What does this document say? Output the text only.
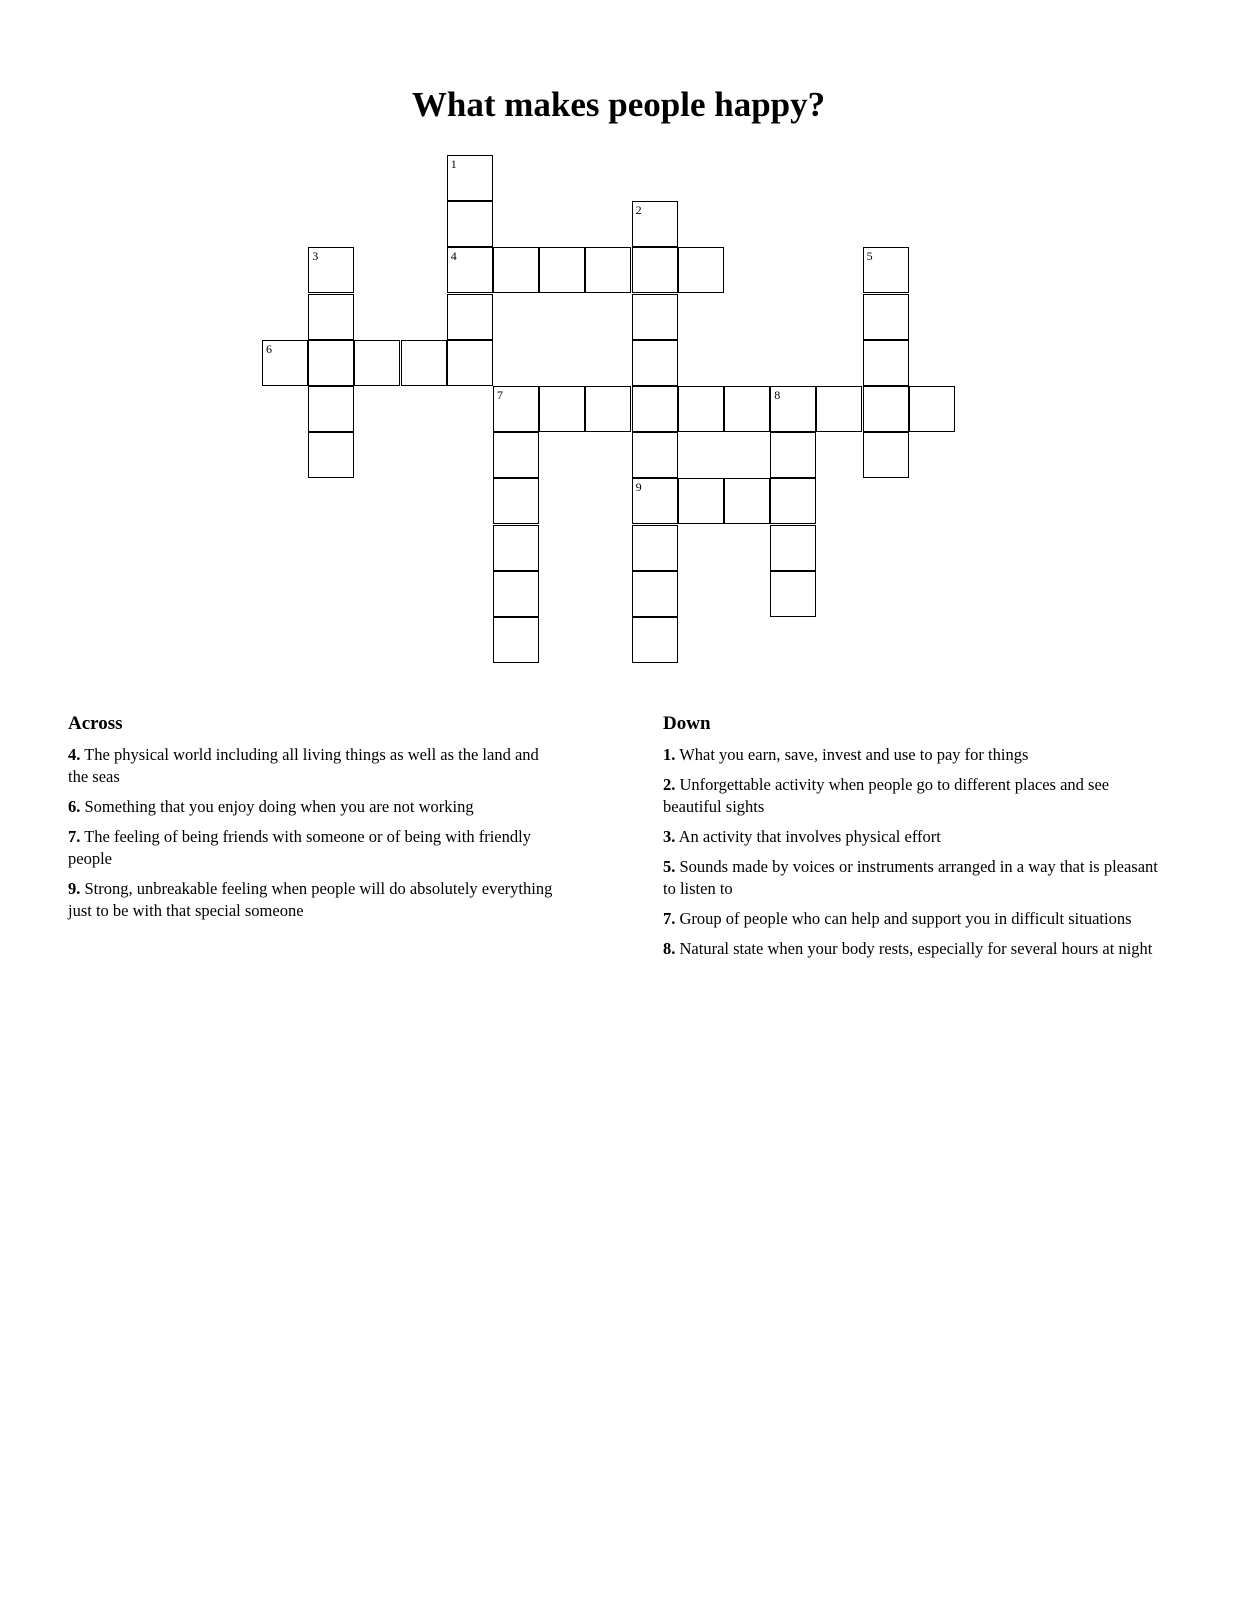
What makes people happy?
1
2
3	4	5
6
7	8
9
Across
4. The physical world including all living things as well as the land and the seas
6. Something that you enjoy doing when you are not working
7. The feeling of being friends with someone or of being with friendly people
9. Strong, unbreakable feeling when people will do absolutely everything just to be with that special someone
Down
1. What you earn, save, invest and use to pay for things
2. Unforgettable activity when people go to different places and see beautiful sights
3. An activity that involves physical effort
5. Sounds made by voices or instruments arranged in a way that is pleasant to listen to
7. Group of people who can help and support you in difficult situations
8. Natural state when your body rests, especially for several hours at night
